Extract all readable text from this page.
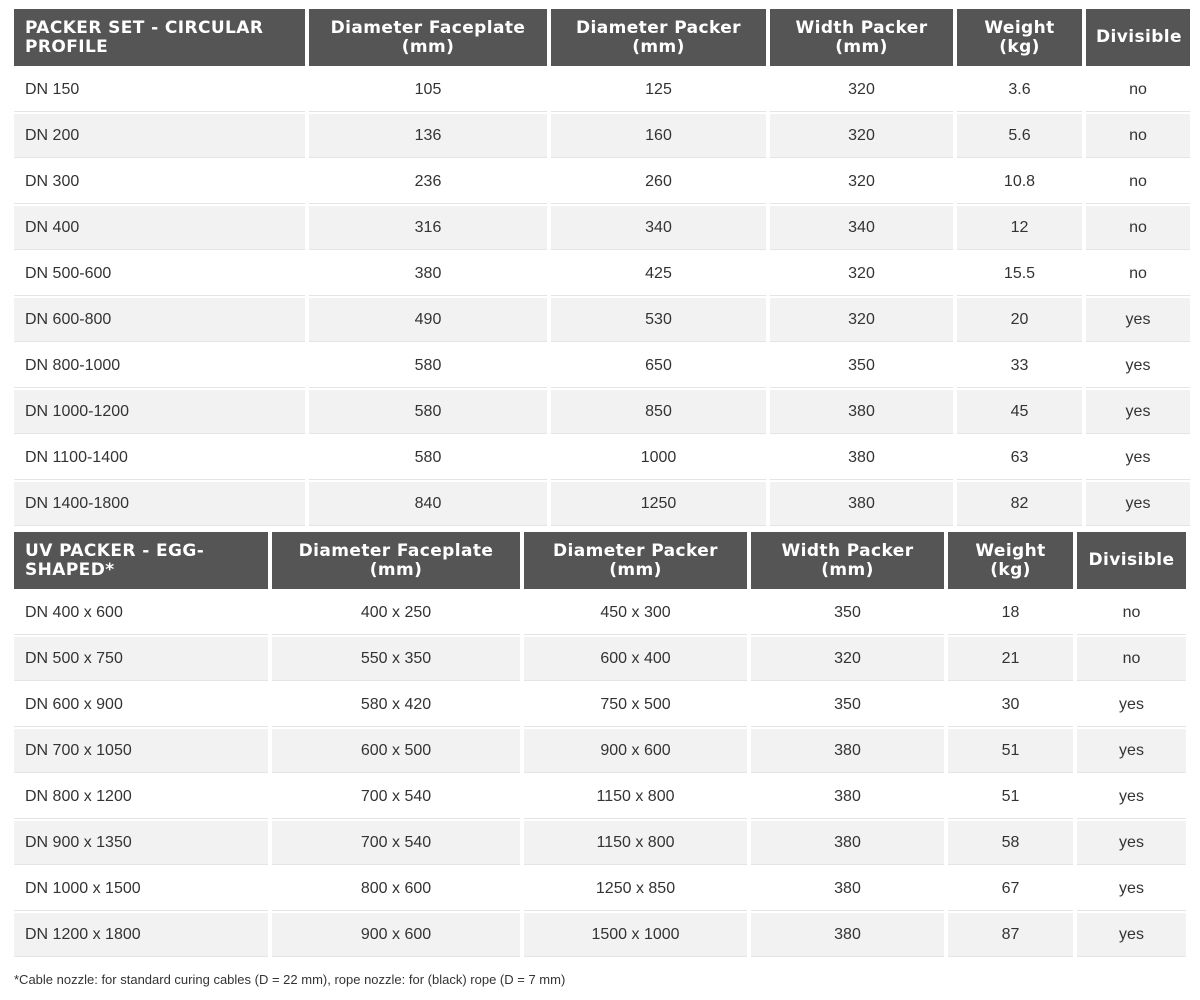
PACKER SET - CIRCULAR PROFILE	Diameter Faceplate (mm)	Diameter Packer (mm)	Width Packer (mm)	Weight (kg)	Divisible
DN 150	105	125	320	3.6	no
DN 200	136	160	320	5.6	no
DN 300	236	260	320	10.8	no
DN 400	316	340	340	12	no
DN 500-600	380	425	320	15.5	no
DN 600-800	490	530	320	20	yes
DN 800-1000	580	650	350	33	yes
DN 1000-1200	580	850	380	45	yes
DN 1100-1400	580	1000	380	63	yes
DN 1400-1800	840	1250	380	82	yes
UV PACKER - EGG-SHAPED*	Diameter Faceplate (mm)	Diameter Packer (mm)	Width Packer (mm)	Weight (kg)	Divisible
DN 400 x 600	400 x 250	450 x 300	350	18	no
DN 500 x 750	550 x 350	600 x 400	320	21	no
DN 600 x 900	580 x 420	750 x 500	350	30	yes
DN 700 x 1050	600 x 500	900 x 600	380	51	yes
DN 800 x 1200	700 x 540	1150 x 800	380	51	yes
DN 900 x 1350	700 x 540	1150 x 800	380	58	yes
DN 1000 x 1500	800 x 600	1250 x 850	380	67	yes
DN 1200 x 1800	900 x 600	1500 x 1000	380	87	yes
*Cable nozzle: for standard curing cables (D = 22 mm), rope nozzle: for (black) rope (D = 7 mm)
